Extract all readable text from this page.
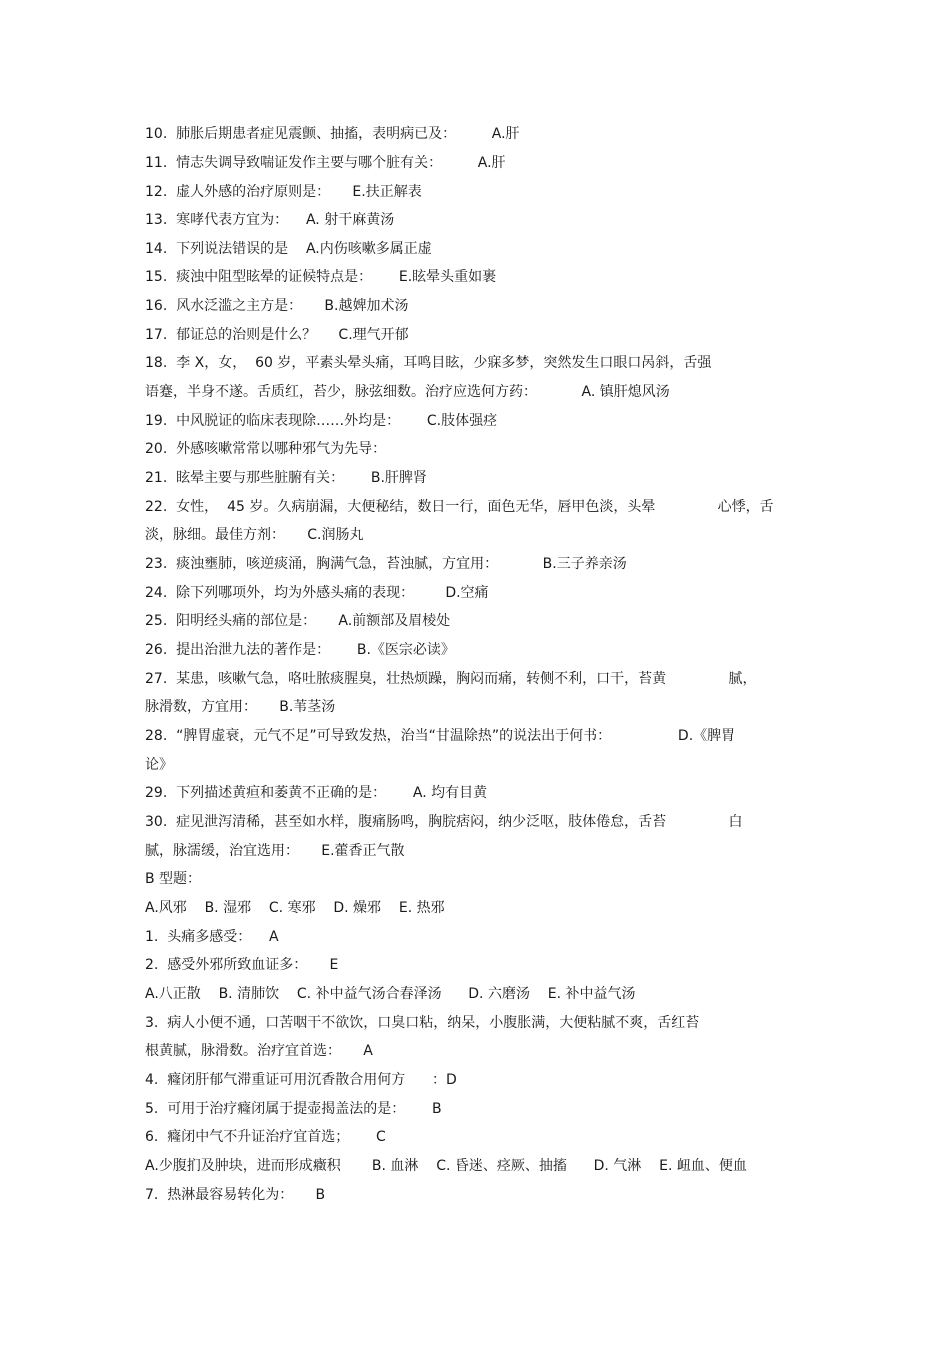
10.  肺胀后期患者症见震颤、抽搐，表明病已及：        A.肝
11.  情志失调导致喘证发作主要与哪个脏有关：        A.肝
12.  虚人外感的治疗原则是：     E.扶正解表
13.  寒哮代表方宜为：    A. 射干麻黄汤
14.  下列说法错误的是    A.内伤咳嗽多属正虚
15.  痰浊中阻型眩晕的证候特点是：      E.眩晕头重如裹
16.  风水泛滥之主方是：     B.越婢加术汤
17.  郁证总的治则是什么？     C.理气开郁
18.  李 X，女，  60 岁，平素头晕头痛，耳鸣目眩，少寐多梦，突然发生口眼口呙斜，舌强
语蹇，半身不遂。舌质红，苔少，脉弦细数。治疗应选何方药：          A. 镇肝熄风汤
19.  中风脱证的临床表现除……外均是：      C.肢体强痉
20.  外感咳嗽常常以哪种邪气为先导：
21.  眩晕主要与那些脏腑有关：      B.肝脾肾
22.  女性，  45 岁。久病崩漏，大便秘结，数日一行，面色无华，唇甲色淡，头晕              心悸，舌
淡，脉细。最佳方剂：     C.润肠丸
23.  痰浊壅肺，咳逆痰涌，胸满气急，苔浊腻，方宜用：          B.三子养亲汤
24.  除下列哪项外，均为外感头痛的表现：       D.空痛
25.  阳明经头痛的部位是：     A.前额部及眉棱处
26.  提出治泄九法的著作是：      B.《医宗必读》
27.  某患，咳嗽气急，咯吐脓痰腥臭，壮热烦躁，胸闷而痛，转侧不利，口干，苔黄              腻，
脉滑数，方宜用：     B.苇茎汤
28.  “脾胃虚衰，元气不足”可导致发热，治当“甘温除热”的说法出于何书：               D.《脾胃
论》
29.  下列描述黄疸和萎黄不正确的是：      A. 均有目黄
30.  症见泄泻清稀，甚至如水样，腹痛肠鸣，胸脘痞闷，纳少泛呕，肢体倦怠，舌苔              白
腻，脉濡缓，治宜选用：     E.藿香正气散
B 型题：
A.风邪    B. 湿邪    C. 寒邪    D. 燥邪    E. 热邪
1.  头痛多感受：    A
2.  感受外邪所致血证多：     E
A.八正散    B. 清肺饮    C. 补中益气汤合春泽汤      D. 六磨汤    E. 补中益气汤
3.  病人小便不通，口苦咽干不欲饮，口臭口粘，纳呆，小腹胀满，大便粘腻不爽，舌红苔
根黄腻，脉滑数。治疗宜首选：     A
4.  癃闭肝郁气滞重证可用沉香散合用何方      ：D
5.  可用于治疗癃闭属于提壶揭盖法的是：      B
6.  癃闭中气不升证治疗宜首选；      C
A.少腹扪及肿块，进而形成癥积       B. 血淋    C. 昏迷、痉厥、抽搐      D. 气淋    E. 衄血、便血
7.  热淋最容易转化为：     B
